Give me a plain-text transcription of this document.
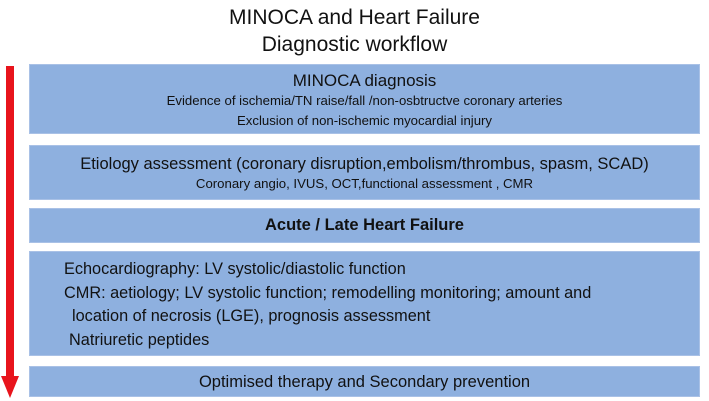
MINOCA and Heart Failure
Diagnostic workflow
MINOCA diagnosis
Evidence of ischemia/TN raise/fall /non-osbtructve coronary arteries
Exclusion of non-ischemic myocardial injury
Etiology assessment (coronary disruption,embolism/thrombus, spasm, SCAD)
Coronary angio, IVUS, OCT,functional assessment , CMR
Acute / Late Heart Failure
Echocardiography: LV systolic/diastolic function
CMR: aetiology; LV systolic function; remodelling monitoring; amount and
location of necrosis (LGE), prognosis assessment
Natriuretic peptides
Optimised therapy and Secondary prevention
